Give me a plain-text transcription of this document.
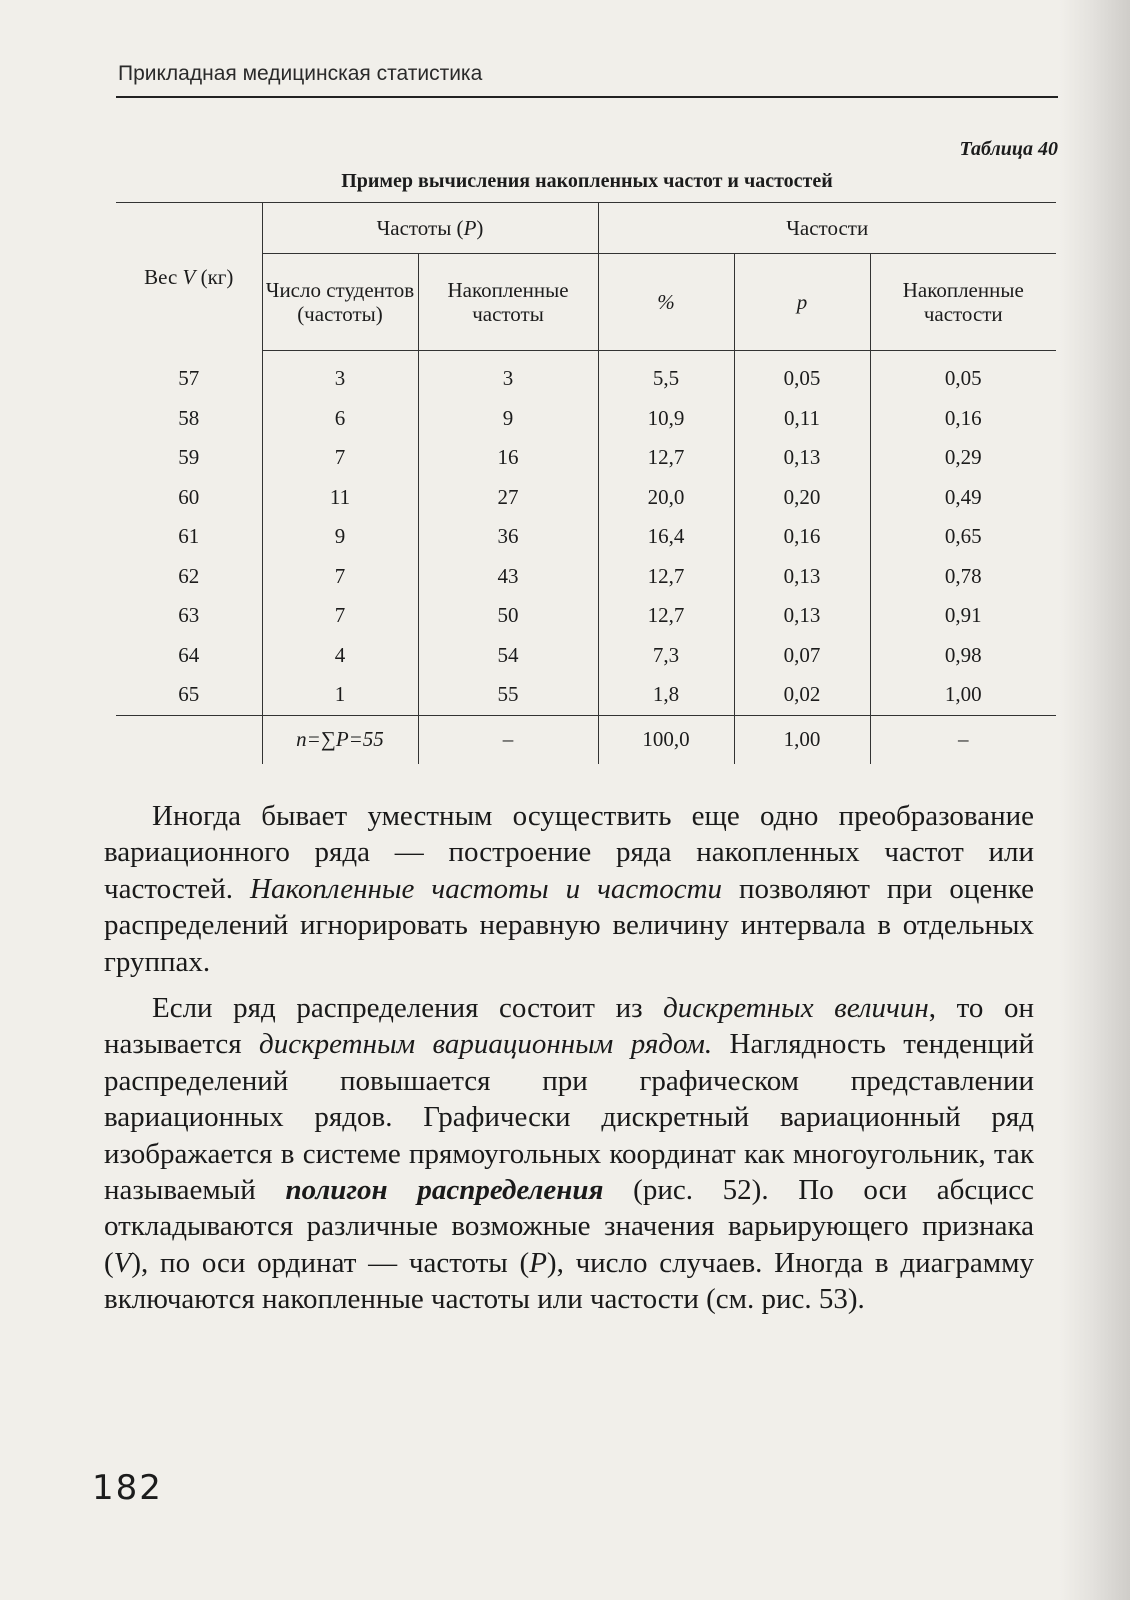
Прикладная медицинская статистика
Таблица 40
Пример вычисления накопленных частот и частостей
Вес V (кг)	Частоты (P)		Частости		
	Число студентов (частоты)	Накопленные частоты	%	p	Накопленные частости
57	3	3	5,5	0,05	0,05
58	6	9	10,9	0,11	0,16
59	7	16	12,7	0,13	0,29
60	11	27	20,0	0,20	0,49
61	9	36	16,4	0,16	0,65
62	7	43	12,7	0,13	0,78
63	7	50	12,7	0,13	0,91
64	4	54	7,3	0,07	0,98
65	1	55	1,8	0,02	1,00
	n=∑P=55	–	100,0	1,00	–

Иногда бывает уместным осуществить еще одно преобразование вариационного ряда — построение ряда накопленных частот или частостей. Накопленные частоты и частости позволяют при оценке распределений игнорировать неравную величину интервала в отдельных группах.

Если ряд распределения состоит из дискретных величин, то он называется дискретным вариационным рядом. Наглядность тенденций распределений повышается при графическом представлении вариационных рядов. Графически дискретный вариационный ряд изображается в системе прямоугольных координат как многоугольник, так называемый полигон распределения (рис. 52). По оси абсцисс откладываются различные возможные значения варьирующего признака (V), по оси ординат — частоты (P), число случаев. Иногда в диаграмму включаются накопленные частоты или частости (см. рис. 53).

182
